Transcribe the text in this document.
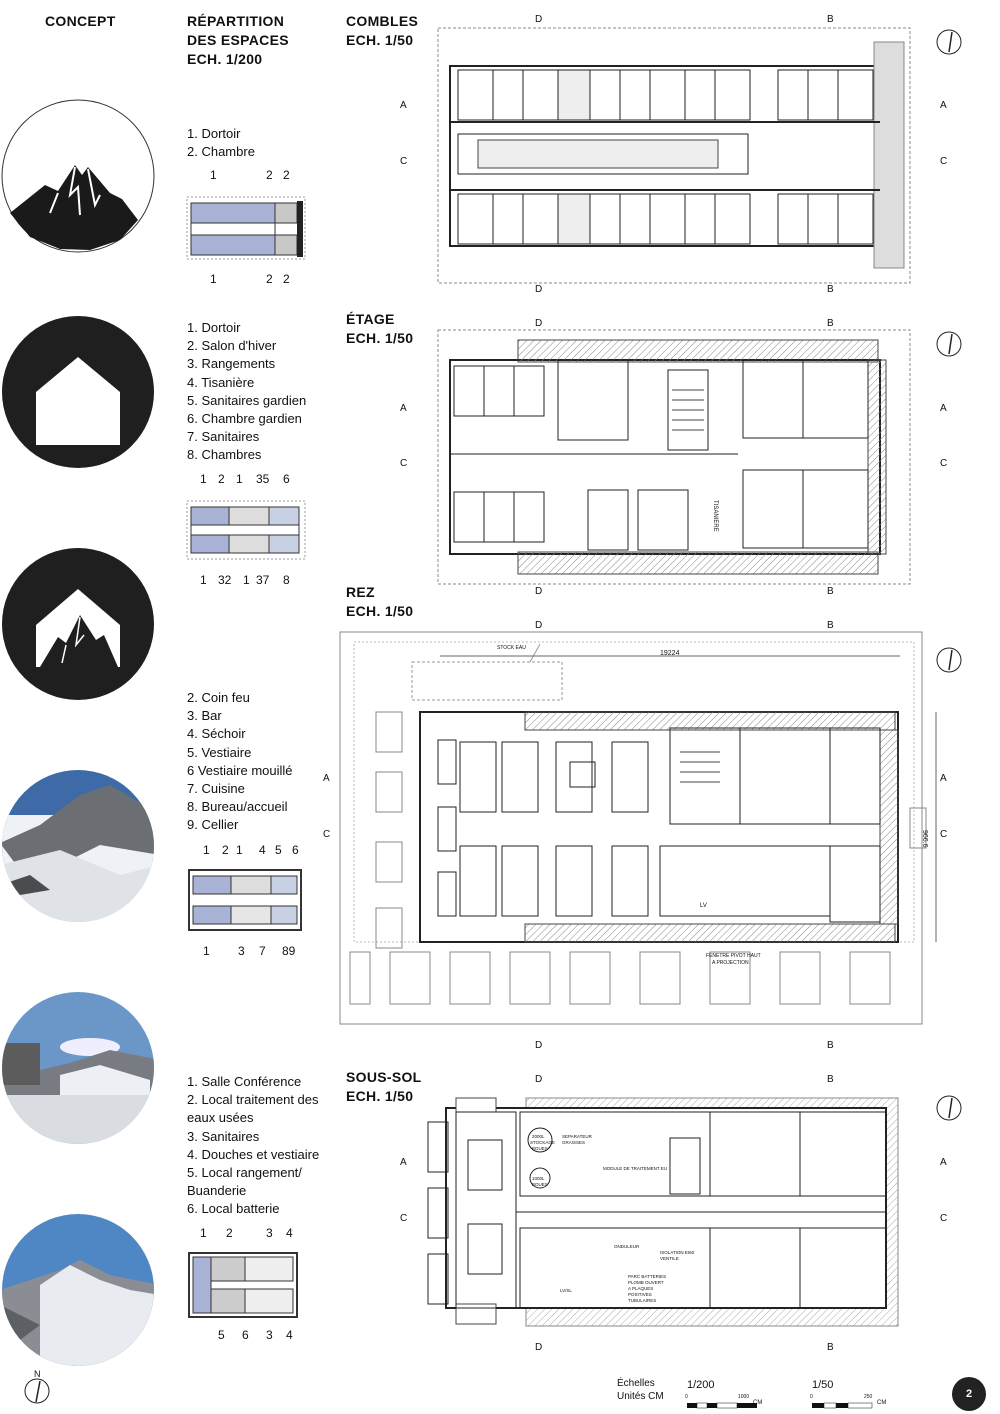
CONCEPT	RÉPARTITION
DES ESPACES
ECH. 1/200
1. Dortoir
2. Chambre
1. Dortoir
2. Salon d'hiver
3. Rangements
4. Tisanière
5. Sanitaires gardien
6. Chambre gardien
7. Sanitaires
8. Chambres
2. Coin feu
3. Bar
4. Séchoir
5. Vestiaire
6 Vestiaire mouillé
7. Cuisine
8. Bureau/accueil
9. Cellier
1. Salle Conférence
2. Local traitement des
eaux usées
3. Sanitaires
4. Douches et vestiaire
5. Local rangement/
Buanderie
6. Local batterie
1	2 2
1	2 2
1 2 1 35 6
1 32 1 37 8
1 2 1 4 5 6
1 3 7 89
1 2	3 4
5 6 3 4
COMBLES
ECH. 1/50
ÉTAGE
ECH. 1/50
REZ
ECH. 1/50
SOUS-SOL
ECH. 1/50
D	B
D	B
A
C
A
C
D	B
D	B
A
C
A
C
D	B
D	B
A
C
A
C
D	B
D	B
A
C
A
C
TISANIERE
19224
966.6
STOCK EAU
FENETRE PIVOT HAUT
A PROJECTION
LV
2000L
STOCKAGE
BOUES
1000L
BOUES
SEPARATEUR
GRAISSES
MODULE DE TRAITEMENT EU
ONDULEUR
ISOLATION EI60
VENTILE
PARC BATTERIES
PLOMB OUVERT
A PLAQUES
POSITIVES
TUBULAIRES
LV/SL
N
Échelles
Unités CM
1/200
0	1000
CM
1/50
0	250
CM
2
